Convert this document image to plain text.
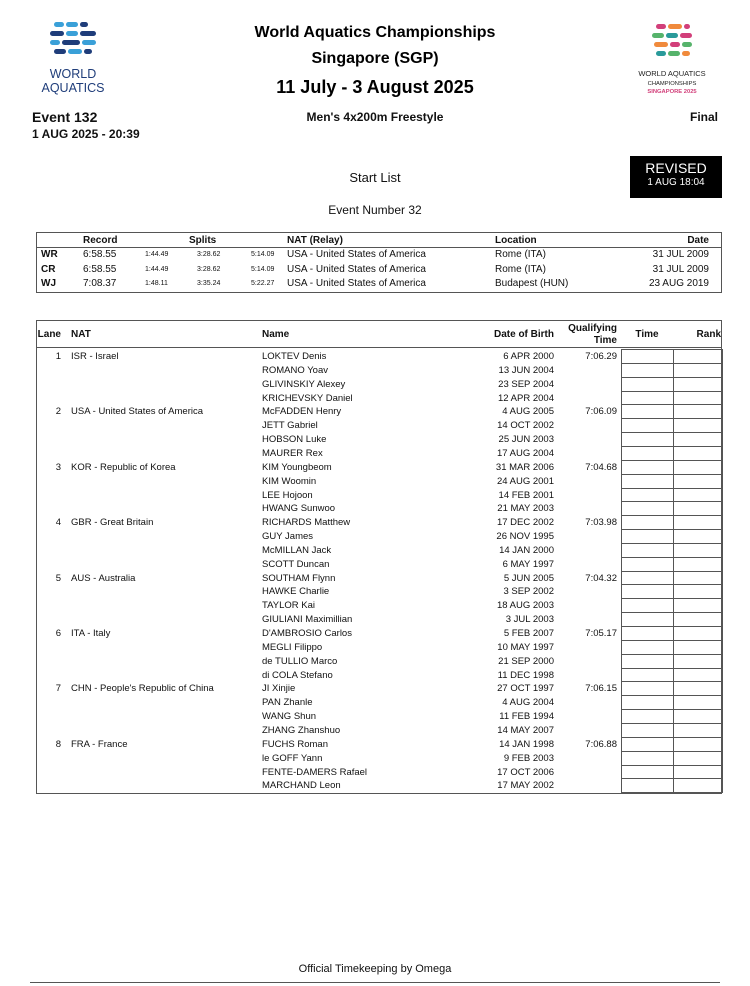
WORLD
AQUATICS
WORLD AQUATICS
CHAMPIONSHIPS
SINGAPORE 2025
World Aquatics Championships
Singapore (SGP)
11 July - 3 August 2025
Event 132
1 AUG 2025 - 20:39
Men's 4x200m Freestyle	Final
Start List
REVISED
1 AUG 18:04
Event Number 32
Record	Splits	NAT (Relay)	Location	Date
WR	6:58.55	1:44.49	3:28.62	5:14.09 USA - United States of America	Rome (ITA)	31 JUL 2009
CR	6:58.55	1:44.49	3:28.62	5:14.09 USA - United States of America	Rome (ITA)	31 JUL 2009
WJ	7:08.37	1:48.11	3:35.24	5:22.27 USA - United States of America	Budapest (HUN)	23 AUG 2019
Lane NAT	Name	Date of Birth
Qualifying
Time
Time	Rank
1 ISR - Israel	7:06.29
LOKTEV Denis	6 APR 2000
ROMANO Yoav	13 JUN 2004
GLIVINSKIY Alexey	23 SEP 2004
KRICHEVSKY Daniel	12 APR 2004
2 USA - United States of America	7:06.09
McFADDEN Henry	4 AUG 2005
JETT Gabriel	14 OCT 2002
HOBSON Luke	25 JUN 2003
MAURER Rex	17 AUG 2004
3 KOR - Republic of Korea	7:04.68
KIM Youngbeom	31 MAR 2006
KIM Woomin	24 AUG 2001
LEE Hojoon	14 FEB 2001
HWANG Sunwoo	21 MAY 2003
4 GBR - Great Britain	7:03.98
RICHARDS Matthew	17 DEC 2002
GUY James	26 NOV 1995
McMILLAN Jack	14 JAN 2000
SCOTT Duncan	6 MAY 1997
5 AUS - Australia	7:04.32
SOUTHAM Flynn	5 JUN 2005
HAWKE Charlie	3 SEP 2002
TAYLOR Kai	18 AUG 2003
GIULIANI Maximillian	3 JUL 2003
6 ITA - Italy	7:05.17
D'AMBROSIO Carlos	5 FEB 2007
MEGLI Filippo	10 MAY 1997
de TULLIO Marco	21 SEP 2000
di COLA Stefano	11 DEC 1998
7 CHN - People's Republic of China	7:06.15
JI Xinjie	27 OCT 1997
PAN Zhanle	4 AUG 2004
WANG Shun	11 FEB 1994
ZHANG Zhanshuo	14 MAY 2007
8 FRA - France	7:06.88
FUCHS Roman	14 JAN 1998
le GOFF Yann	9 FEB 2003
FENTE-DAMERS Rafael	17 OCT 2006
MARCHAND Leon	17 MAY 2002
Official Timekeeping by Omega
